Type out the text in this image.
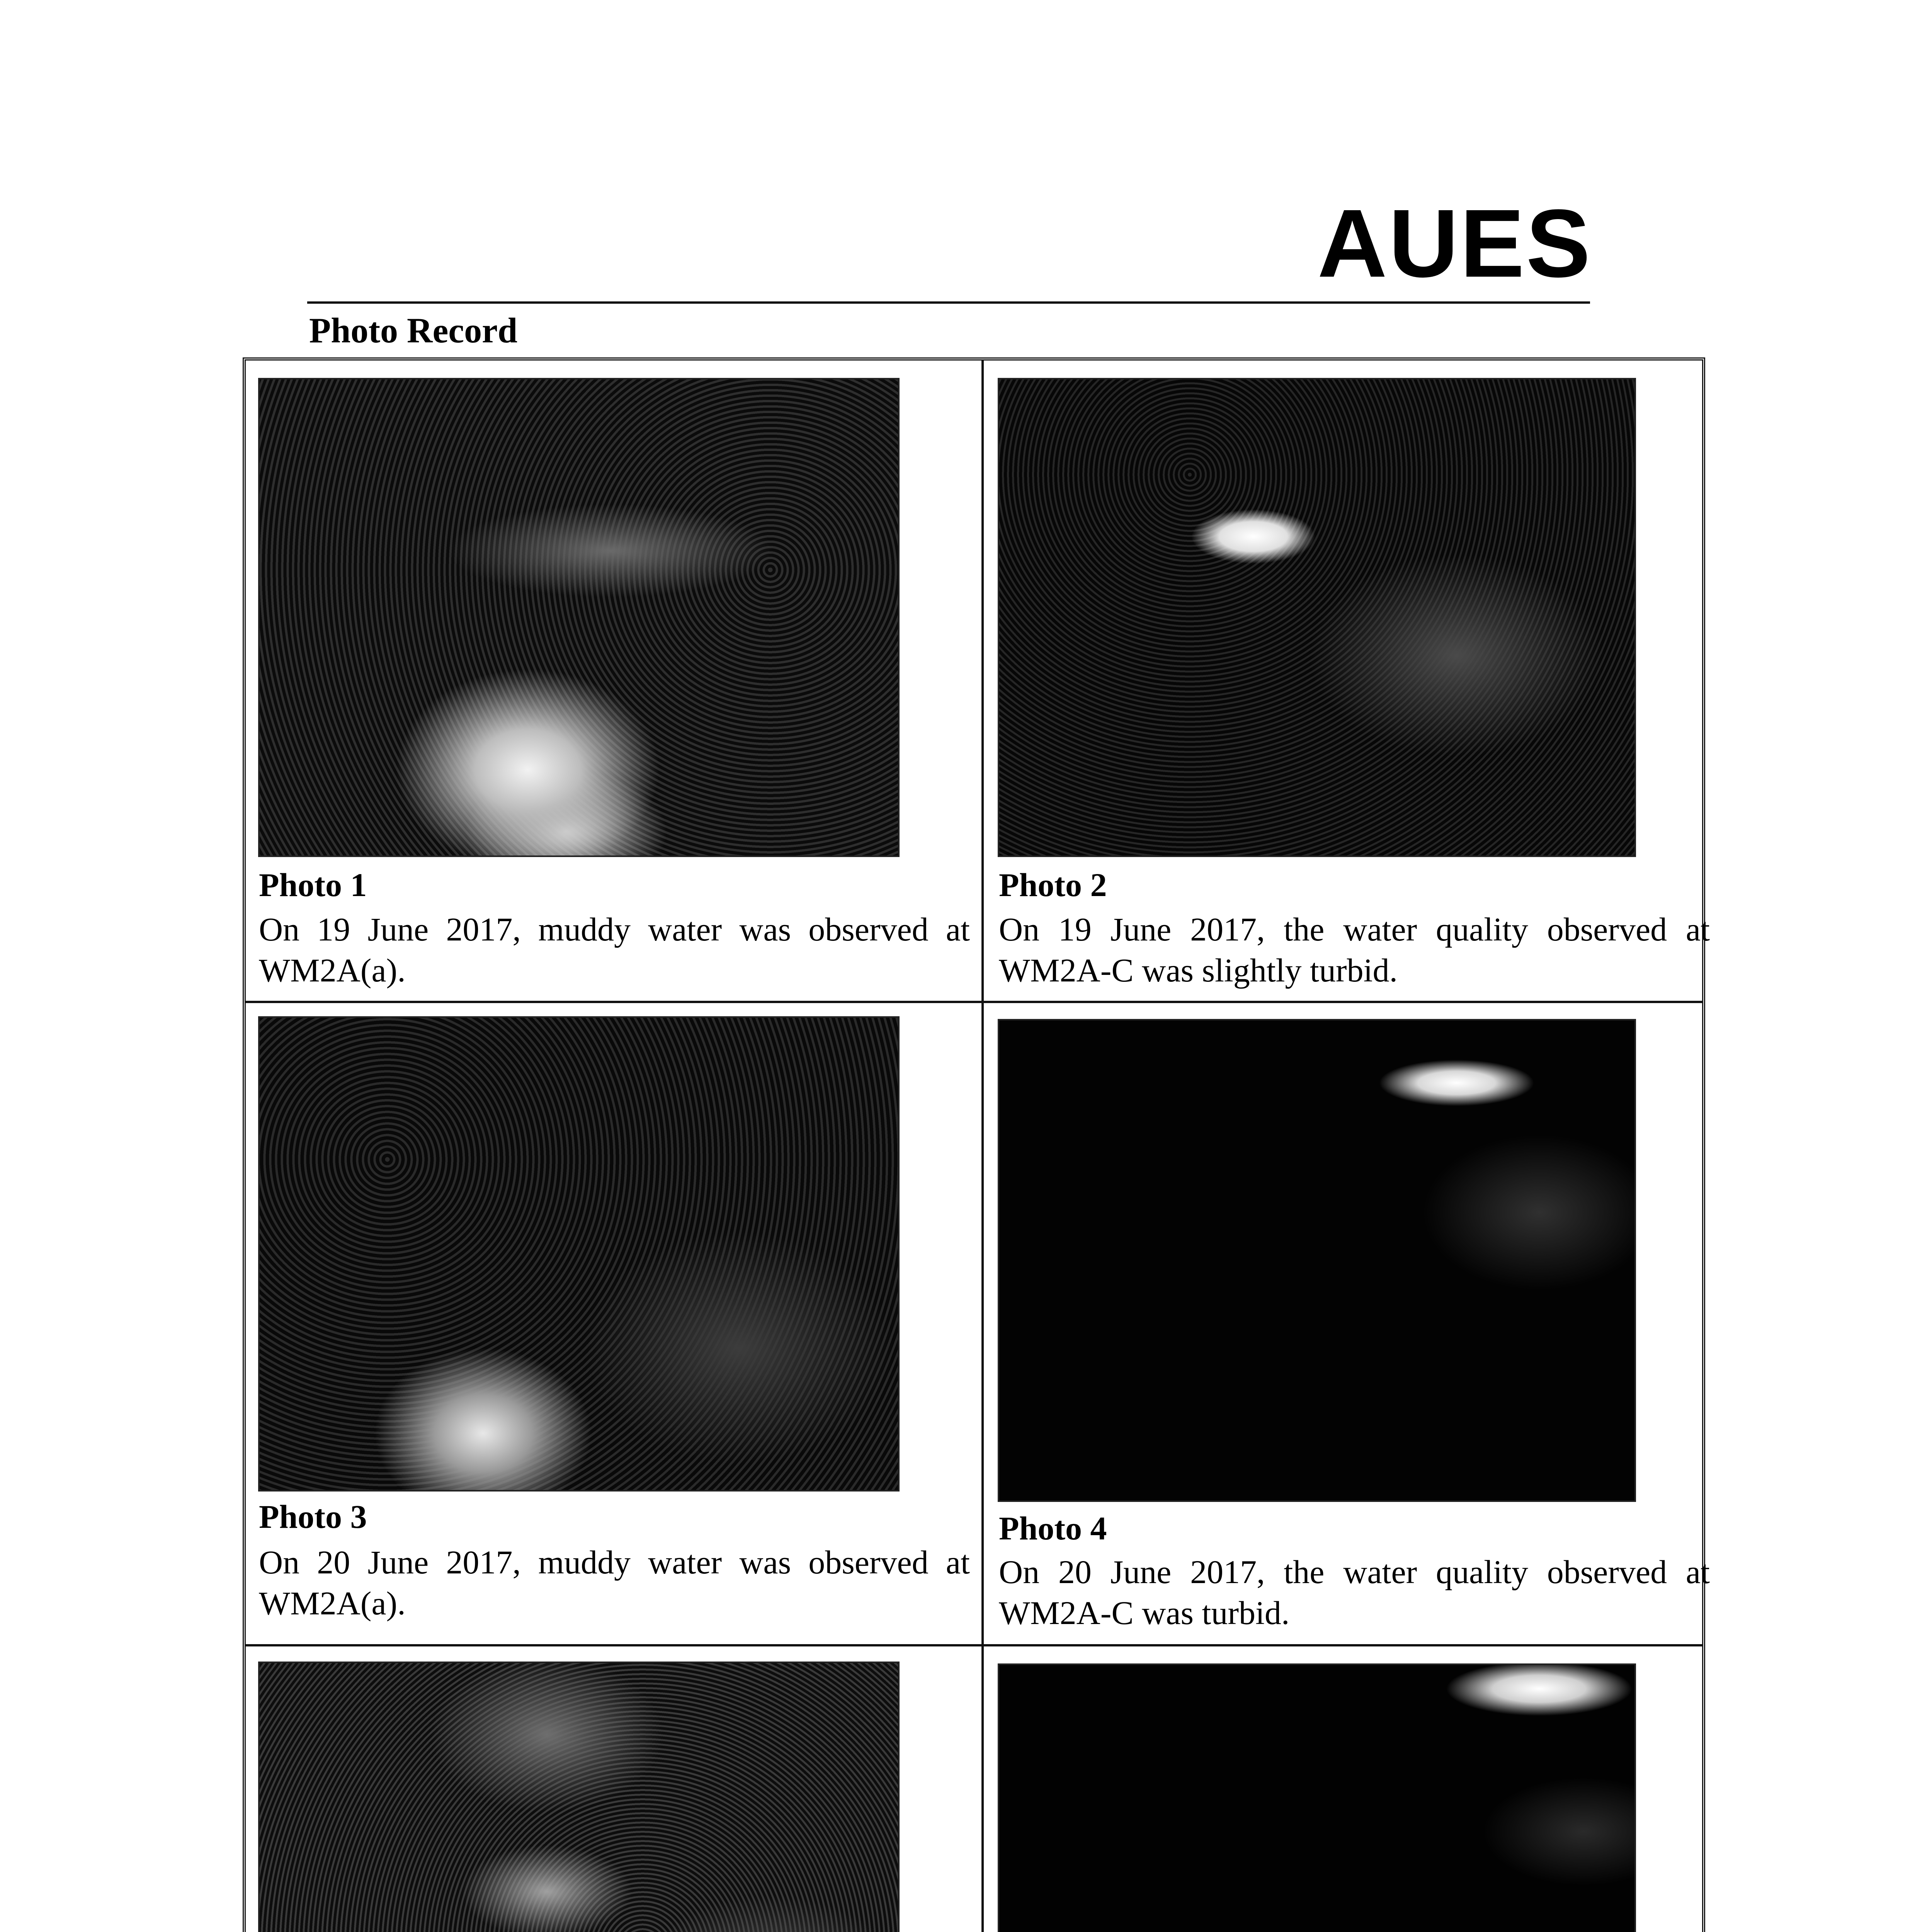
AUES
Photo Record
Photo 1
On 19 June 2017, muddy water was observed at WM2A(a).
Photo 2
On 19 June 2017, the water quality observed at WM2A-C was slightly turbid.
Photo 3
On 20 June 2017, muddy water was observed at WM2A(a).
Photo 4
On 20 June 2017, the water quality observed at WM2A-C was turbid.
